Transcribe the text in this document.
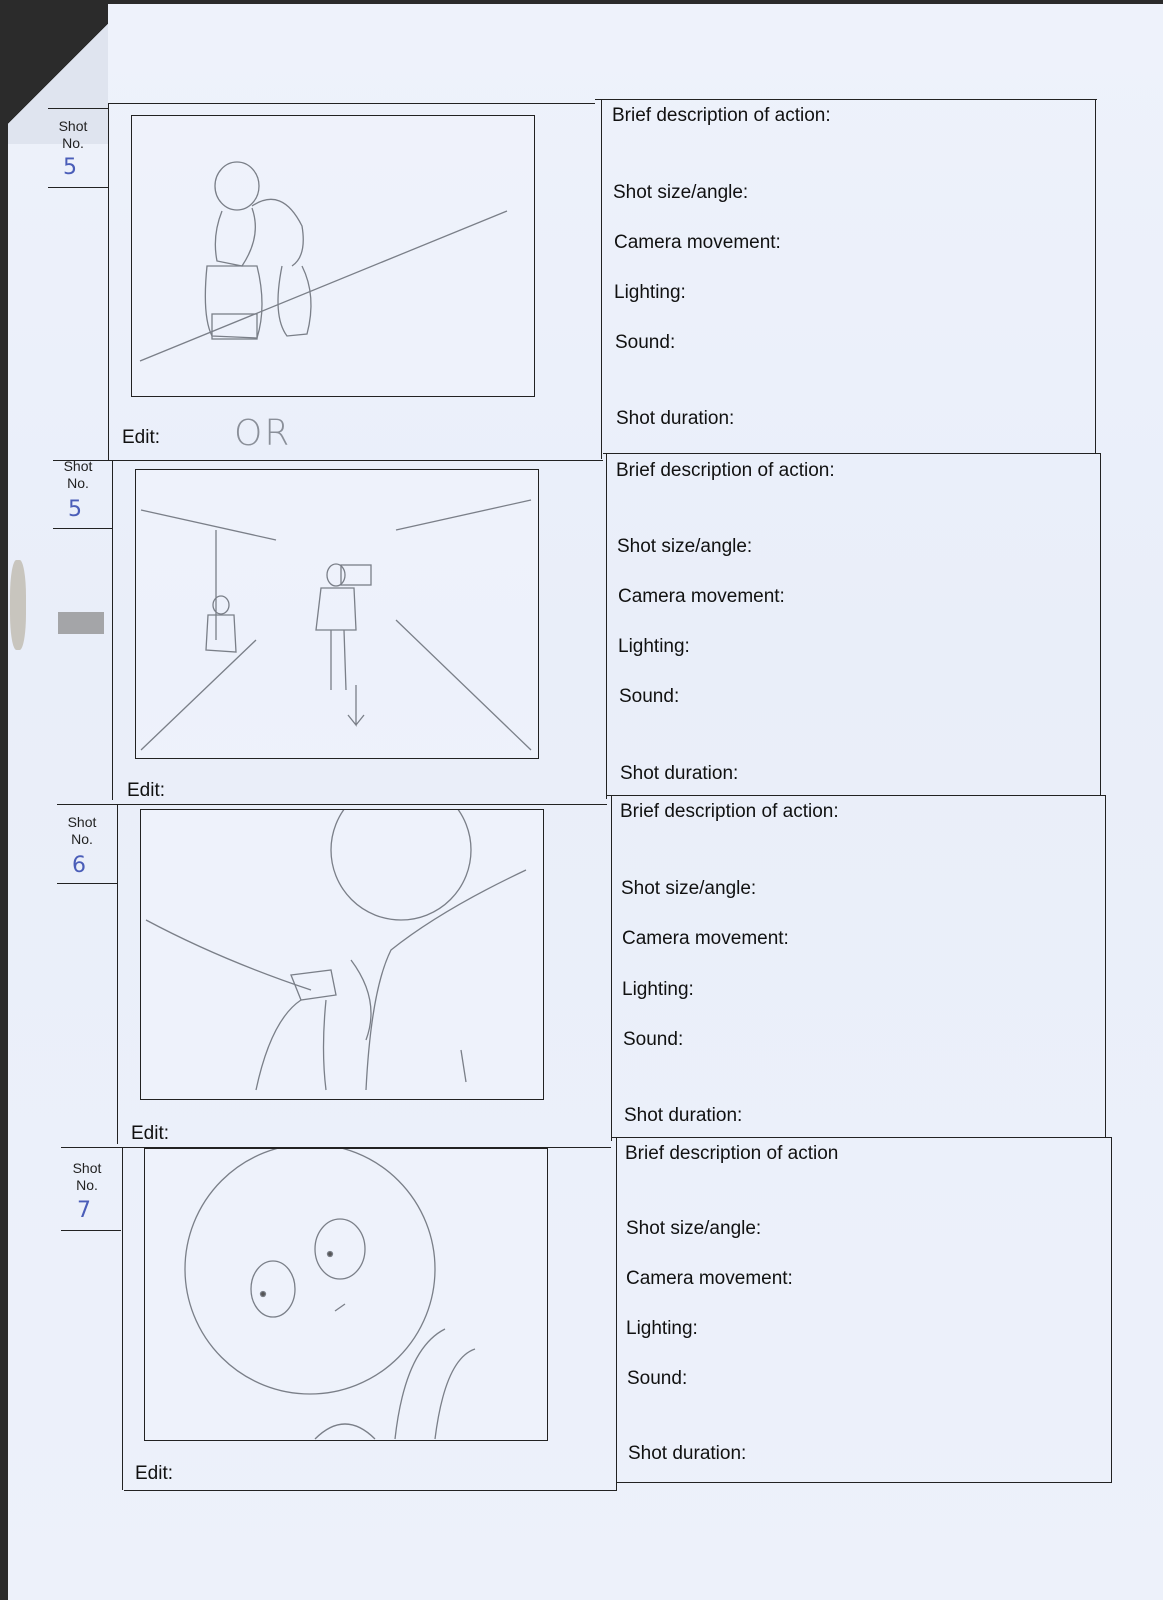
Shot
No.
5
Edit: OR
Brief description of action:
Shot size/angle:
Camera movement:
Lighting:
Sound:
Shot duration:
Shot
No.
5
Edit:
Brief description of action:
Shot size/angle:
Camera movement:
Lighting:
Sound:
Shot duration:
Shot
No.
6
Edit:
Brief description of action:
Shot size/angle:
Camera movement:
Lighting:
Sound:
Shot duration:
Shot
No.
7
Edit:
Brief description of action
Shot size/angle:
Camera movement:
Lighting:
Sound:
Shot duration:
